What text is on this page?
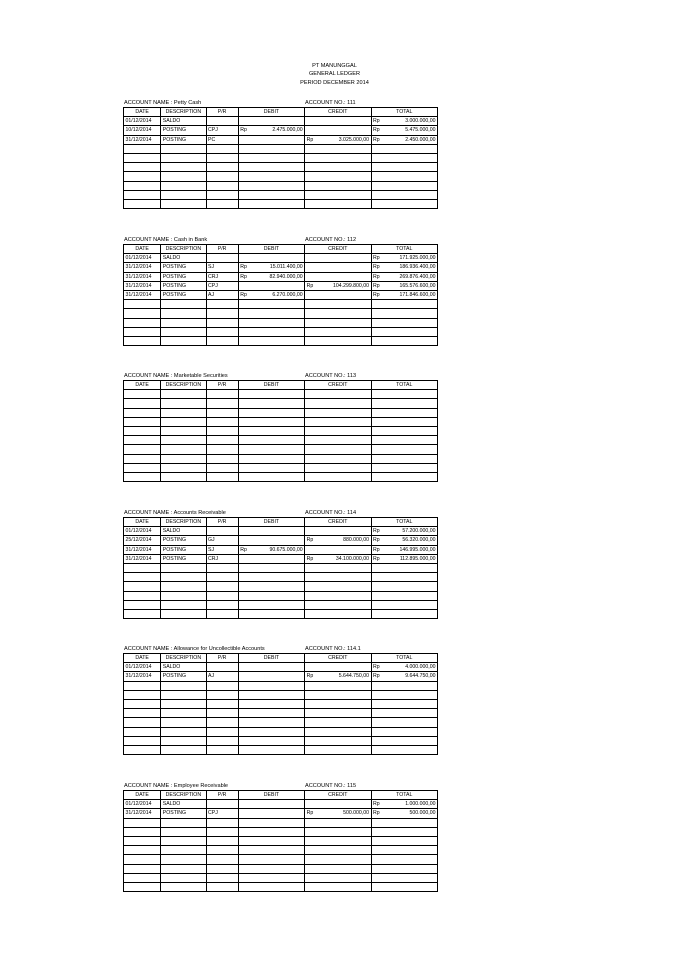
PT MANUNGGAL
GENERAL LEDGER
PERIOD DECEMBER 2014
ACCOUNT NAME : Petty Cash	ACCOUNT NO.: 111
DATE	DESCRIPTION	P/R	DEBIT		CREDIT		TOTAL	
01/12/2014	SALDO						Rp	3.000.000,00
10/12/2014	POSTING	CPJ	Rp	2.475.000,00			Rp	5.475.000,00
31/12/2014	POSTING	PC			Rp	3.025.000,00	Rp	2.450.000,00

ACCOUNT NAME : Cash in Bank	ACCOUNT NO.: 112
DATE	DESCRIPTION	P/R	DEBIT		CREDIT		TOTAL	
01/12/2014	SALDO						Rp	171.925.000,00
31/12/2014	POSTING	SJ	Rp	15.011.400,00			Rp	186.936.400,00
31/12/2014	POSTING	CRJ	Rp	82.940.000,00			Rp	269.876.400,00
31/12/2014	POSTING	CPJ			Rp	104.299.800,00	Rp	165.576.600,00
31/12/2014	POSTING	AJ	Rp	6.270.000,00			Rp	171.846.600,00

ACCOUNT NAME : Marketable Securities	ACCOUNT NO.: 113
DATE	DESCRIPTION	P/R	DEBIT		CREDIT		TOTAL	

ACCOUNT NAME : Accounts Receivable	ACCOUNT NO.: 114
DATE	DESCRIPTION	P/R	DEBIT		CREDIT		TOTAL	
01/12/2014	SALDO						Rp	57.200.000,00
25/12/2014	POSTING	GJ			Rp	880.000,00	Rp	56.320.000,00
31/12/2014	POSTING	SJ	Rp	90.675.000,00			Rp	146.995.000,00
31/12/2014	POSTING	CRJ			Rp	34.100.000,00	Rp	112.895.000,00

ACCOUNT NAME : Allowance for Uncollectible Accounts	ACCOUNT NO.: 114.1
DATE	DESCRIPTION	P/R	DEBIT		CREDIT		TOTAL	
01/12/2014	SALDO						Rp	4.000.000,00
31/12/2014	POSTING	AJ			Rp	5.644.750,00	Rp	9.644.750,00

ACCOUNT NAME : Employee Receivable	ACCOUNT NO.: 115
DATE	DESCRIPTION	P/R	DEBIT		CREDIT		TOTAL	
01/12/2014	SALDO						Rp	1.000.000,00
31/12/2014	POSTING	CPJ			Rp	500.000,00	Rp	500.000,00
